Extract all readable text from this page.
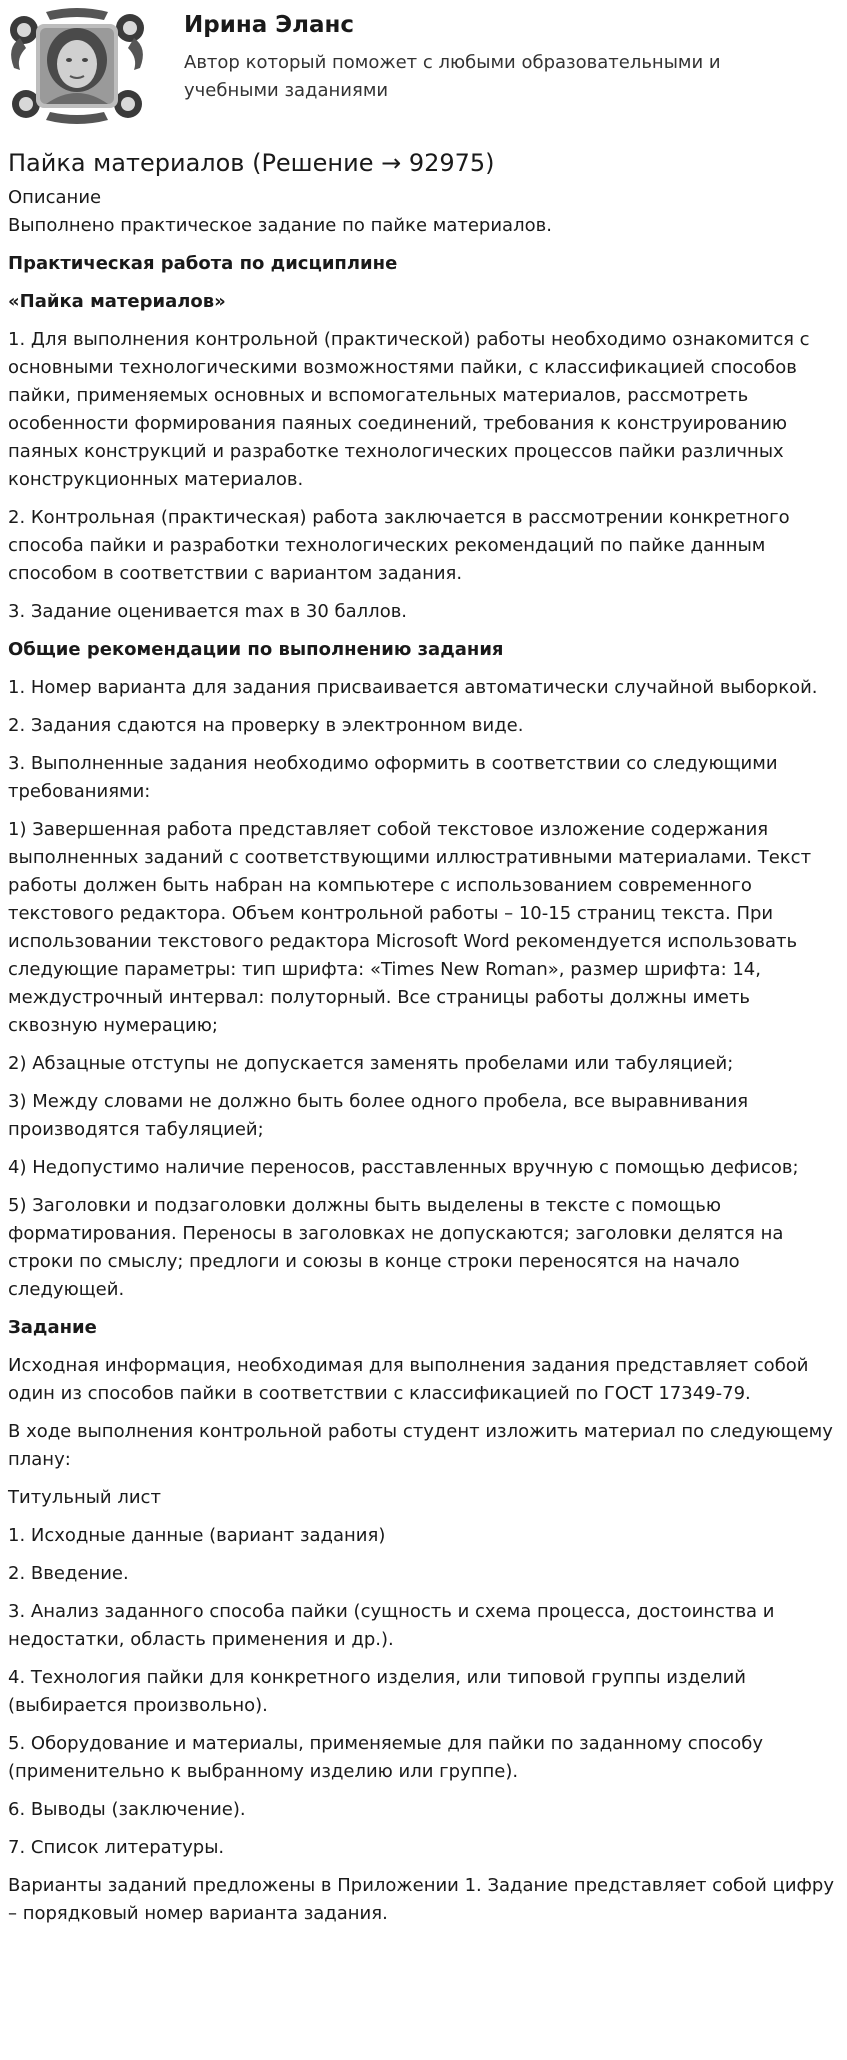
Ирина Эланс

Автор который поможет с любыми образовательными и учебными заданиями

Пайка материалов (Решение → 92975)
Описание

Выполнено практическое задание по пайке материалов.

Практическая работа по дисциплине

«Пайка материалов»

1. Для выполнения контрольной (практической) работы необходимо ознакомится с основными технологическими возможностями пайки, с классификацией способов пайки, применяемых основных и вспомогательных материалов, рассмотреть особенности формирования паяных соединений, требования к конструированию паяных конструкций и разработке технологических процессов пайки различных конструкционных материалов.

2. Контрольная (практическая) работа заключается в рассмотрении конкретного способа пайки и разработки технологических рекомендаций по пайке данным способом в соответствии с вариантом задания.

3. Задание оценивается max в 30 баллов.

Общие рекомендации по выполнению задания

1. Номер варианта для задания присваивается автоматически случайной выборкой.

2. Задания сдаются на проверку в электронном виде.

3. Выполненные задания необходимо оформить в соответствии со следующими требованиями:

1) Завершенная работа представляет собой текстовое изложение содержания выполненных заданий с соответствующими иллюстративными материалами. Текст работы должен быть набран на компьютере с использованием современного текстового редактора. Объем контрольной работы – 10-15 страниц текста. При использовании текстового редактора Microsoft Word рекомендуется использовать следующие параметры: тип шрифта: «Times New Roman», размер шрифта: 14, междустрочный интервал: полуторный. Все страницы работы должны иметь сквозную нумерацию;

2) Абзацные отступы не допускается заменять пробелами или табуляцией;

3) Между словами не должно быть более одного пробела, все выравнивания производятся табуляцией;

4) Недопустимо наличие переносов, расставленных вручную с помощью дефисов;

5) Заголовки и подзаголовки должны быть выделены в тексте с помощью форматирования. Переносы в заголовках не допускаются; заголовки делятся на строки по смыслу; предлоги и союзы в конце строки переносятся на начало следующей.

Задание

Исходная информация, необходимая для выполнения задания представляет собой один из способов пайки в соответствии с классификацией по ГОСТ 17349-79.

В ходе выполнения контрольной работы студент изложить материал по следующему плану:

Титульный лист

1. Исходные данные (вариант задания)

2. Введение.

3. Анализ заданного способа пайки (сущность и схема процесса, достоинства и недостатки, область применения и др.).

4. Технология пайки для конкретного изделия, или типовой группы изделий (выбирается произвольно).

5. Оборудование и материалы, применяемые для пайки по заданному способу (применительно к выбранному изделию или группе).

6. Выводы (заключение).

7. Список литературы.

Варианты заданий предложены в Приложении 1. Задание представляет собой цифру – порядковый номер варианта задания.
